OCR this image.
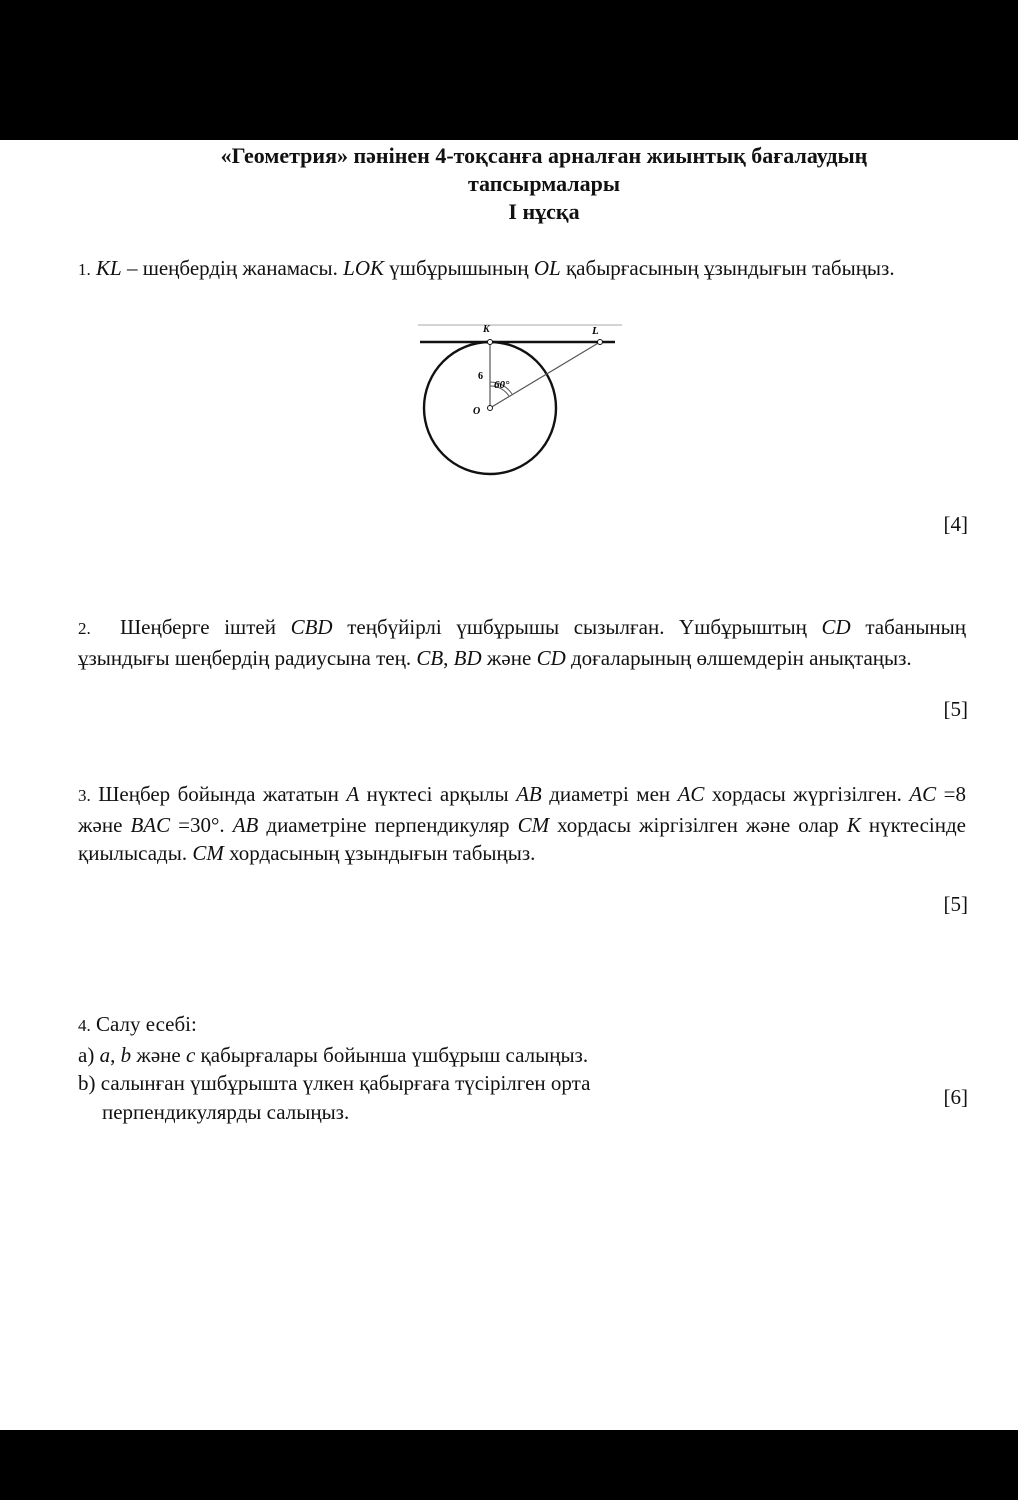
«Геометрия» пәнінен 4-тоқсанға арналған жиынтық бағалаудың
тапсырмалары
I нұсқа
1. KL – шеңбердің жанамасы. LOK үшбұрышының OL қабырғасының ұзындығын табыңыз.
K	L
O
6
60°
[4]
2. Шеңберге іштей CBD теңбүйірлі үшбұрышы сызылған. Үшбұрыштың CD табанының ұзындығы шеңбердің радиусына тең. CB, BD және CD доғаларының өлшемдерін анықтаңыз.
[5]
3. Шеңбер бойында жататын A нүктесі арқылы AB диаметрі мен AC хордасы жүргізілген. AC =8 және BAC =30°. AB диаметріне перпендикуляр CM хордасы жіргізілген және олар K нүктесінде қиылысады. CM хордасының ұзындығын табыңыз.
[5]
4. Салу есебі:
a) a, b және c қабырғалары бойынша үшбұрыш салыңыз.
b) салынған үшбұрышта үлкен қабырғаға түсірілген орта
перпендикулярды салыңыз.
[6]
